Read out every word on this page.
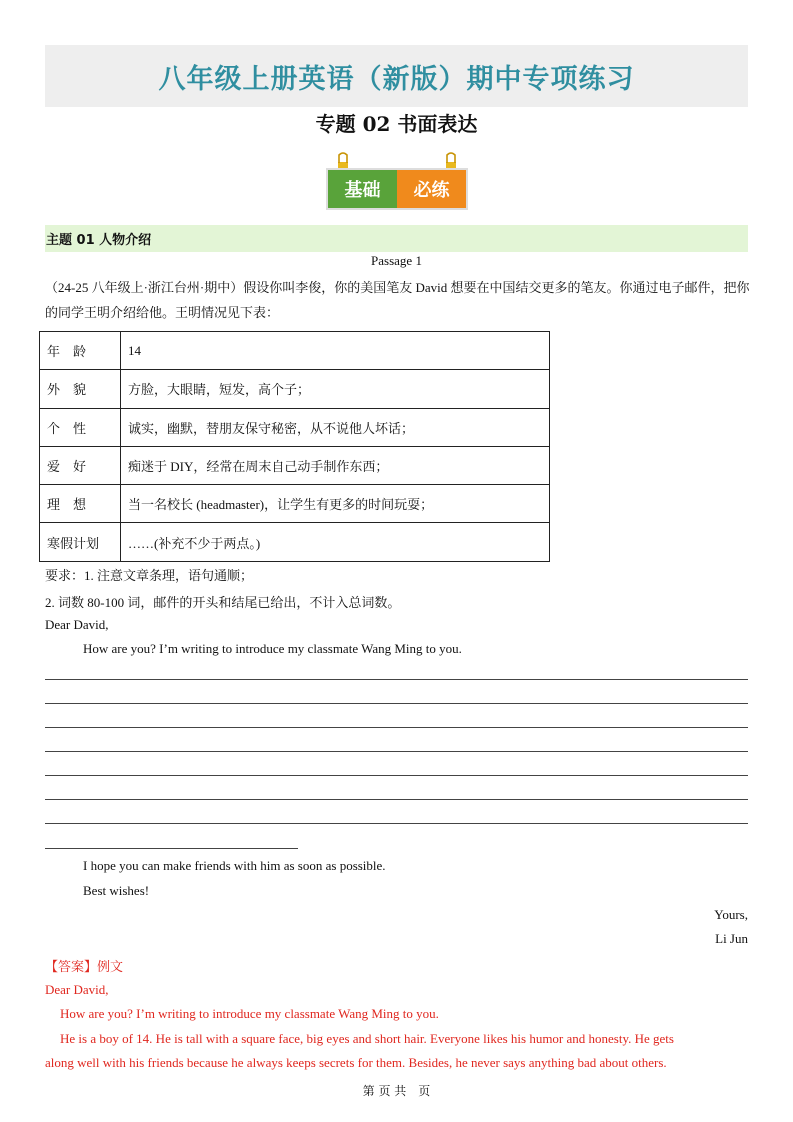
八年级上册英语（新版）期中专项练习
专题 02 书面表达
基础	必练
主题 01 人物介绍
Passage 1
（24-25 八年级上·浙江台州·期中）假设你叫李俊，你的美国笔友 David 想要在中国结交更多的笔友。你通过电子邮件，把你的同学王明介绍给他。王明情况见下表：
年　龄	14
外　貌	方脸，大眼睛，短发，高个子；
个　性	诚实，幽默，替朋友保守秘密，从不说他人坏话；
爱　好	痴迷于 DIY，经常在周末自己动手制作东西；
理　想	当一名校长 (headmaster)，让学生有更多的时间玩耍；
寒假计划	……(补充不少于两点。)
要求：1. 注意文章条理，语句通顺；
2. 词数 80-100 词，邮件的开头和结尾已给出，不计入总词数。
Dear David,
How are you? I’m writing to introduce my classmate Wang Ming to you.
I hope you can make friends with him as soon as possible.
Best wishes!
Yours,
Li Jun
【答案】例文
Dear David,
How are you? I’m writing to introduce my classmate Wang Ming to you.
He is a boy of 14. He is tall with a square face, big eyes and short hair. Everyone likes his humor and honesty. He gets
along well with his friends because he always keeps secrets for them. Besides, he never says anything bad about others.
第 页 共　页
